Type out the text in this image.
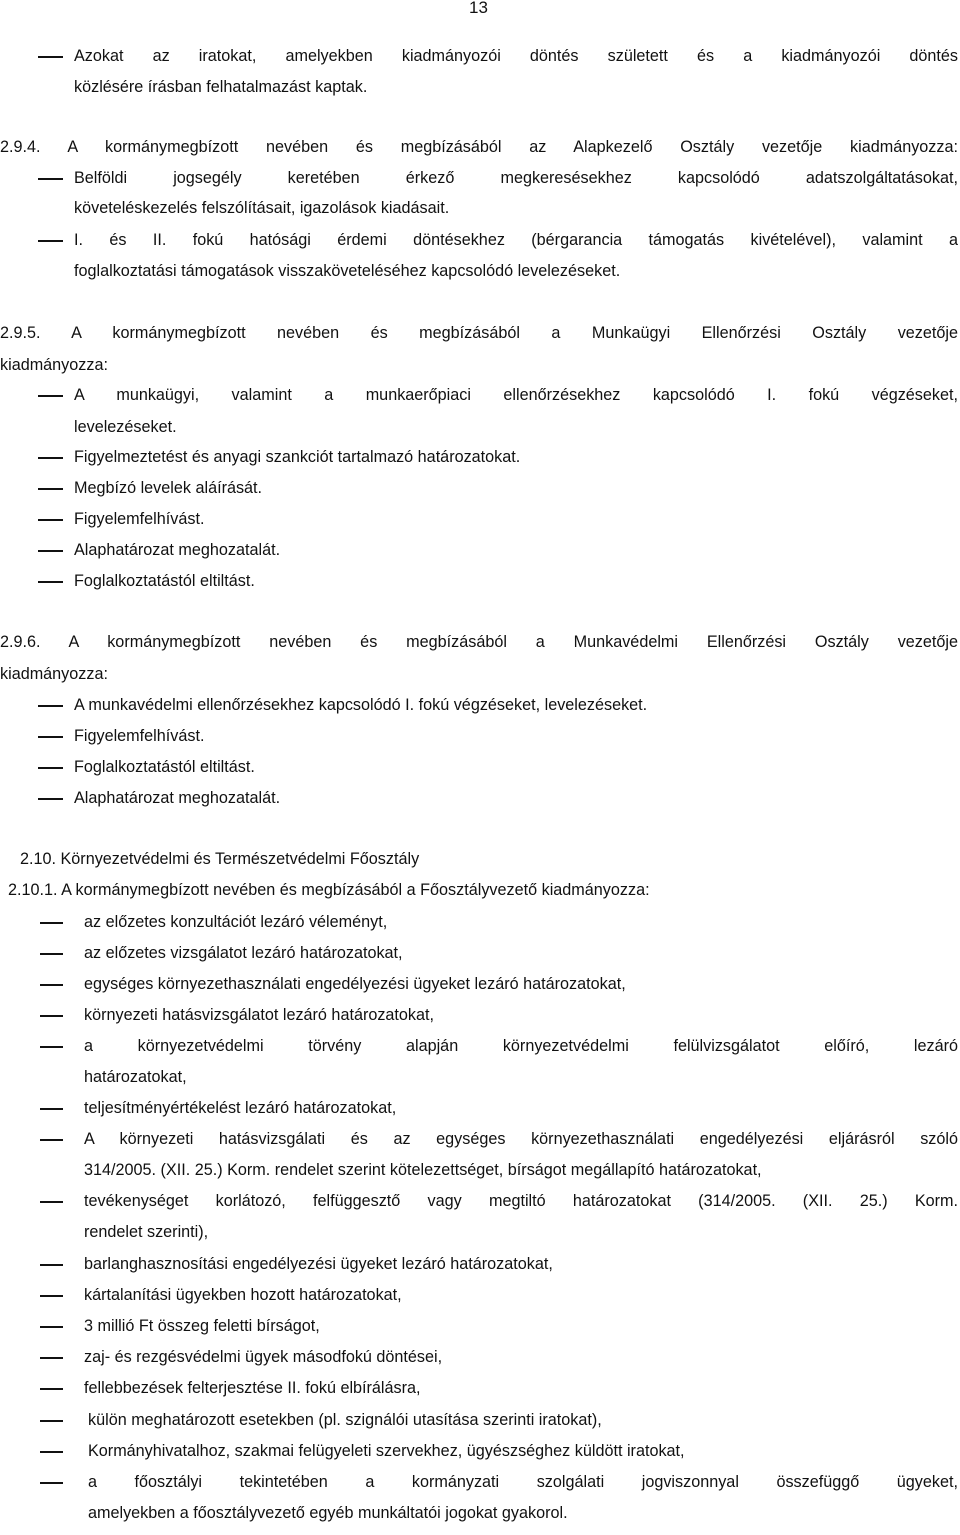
13
Azokat az iratokat, amelyekben kiadmányozói döntés született és a kiadmányozói döntés
közlésére írásban felhatalmazást kaptak.
2.9.4. A kormánymegbízott nevében és megbízásából az Alapkezelő Osztály vezetője kiadmányozza:
Belföldi jogsegély keretében érkező megkeresésekhez kapcsolódó adatszolgáltatásokat,
követeléskezelés felszólításait, igazolások kiadásait.
I. és II. fokú hatósági érdemi döntésekhez (bérgarancia támogatás kivételével), valamint a
foglalkoztatási támogatások visszaköveteléséhez kapcsolódó levelezéseket.
2.9.5. A kormánymegbízott nevében és megbízásából a Munkaügyi Ellenőrzési Osztály vezetője
kiadmányozza:
A munkaügyi, valamint a munkaerőpiaci ellenőrzésekhez kapcsolódó I. fokú végzéseket,
levelezéseket.
Figyelmeztetést és anyagi szankciót tartalmazó határozatokat.
Megbízó levelek aláírását.
Figyelemfelhívást.
Alaphatározat meghozatalát.
Foglalkoztatástól eltiltást.
2.9.6. A kormánymegbízott nevében és megbízásából a Munkavédelmi Ellenőrzési Osztály vezetője
kiadmányozza:
A munkavédelmi ellenőrzésekhez kapcsolódó I. fokú végzéseket, levelezéseket.
Figyelemfelhívást.
Foglalkoztatástól eltiltást.
Alaphatározat meghozatalát.
2.10. Környezetvédelmi és Természetvédelmi Főosztály
2.10.1. A kormánymegbízott nevében és megbízásából a Főosztályvezető kiadmányozza:
az előzetes konzultációt lezáró véleményt,
az előzetes vizsgálatot lezáró határozatokat,
egységes környezethasználati engedélyezési ügyeket lezáró határozatokat,
környezeti hatásvizsgálatot lezáró határozatokat,
a környezetvédelmi törvény alapján környezetvédelmi felülvizsgálatot előíró, lezáró
határozatokat,
teljesítményértékelést lezáró határozatokat,
A környezeti hatásvizsgálati és az egységes környezethasználati engedélyezési eljárásról szóló
314/2005. (XII. 25.) Korm. rendelet szerint kötelezettséget, bírságot megállapító határozatokat,
tevékenységet korlátozó, felfüggesztő vagy megtiltó határozatokat (314/2005. (XII. 25.) Korm.
rendelet szerinti),
barlanghasznosítási engedélyezési ügyeket lezáró határozatokat,
kártalanítási ügyekben hozott határozatokat,
3 millió Ft összeg feletti bírságot,
zaj- és rezgésvédelmi ügyek másodfokú döntései,
fellebbezések felterjesztése II. fokú elbírálásra,
külön meghatározott esetekben (pl. szignálói utasítása szerinti iratokat),
Kormányhivatalhoz, szakmai felügyeleti szervekhez, ügyészséghez küldött iratokat,
a főosztályi tekintetében a kormányzati szolgálati jogviszonnyal összefüggő ügyeket,
amelyekben a főosztályvezető egyéb munkáltatói jogokat gyakorol.
